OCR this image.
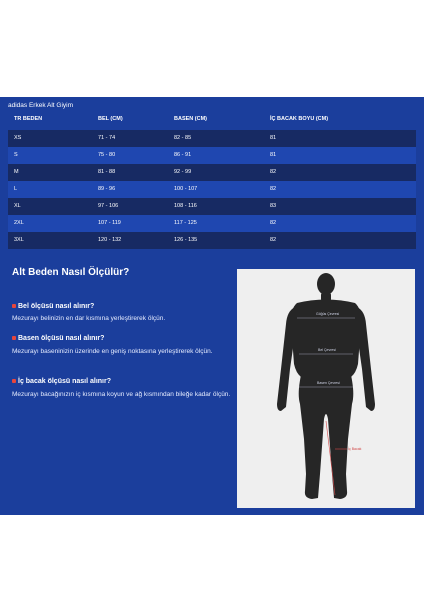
adidas Erkek Alt Giyim
TR BEDEN	BEL (CM)	BASEN (CM)	İÇ BACAK BOYU (CM)
XS	71 - 74	82 - 85	81
S	75 - 80	86 - 91	81
M	81 - 88	92 - 99	82
L	89 - 96	100 - 107	82
XL	97 - 106	108 - 116	83
2XL	107 - 119	117 - 125	82
3XL	120 - 132	126 - 135	82
Alt Beden Nasıl Ölçülür?
Bel ölçüsü nasıl alınır?
Mezurayı belinizin en dar kısmına yerleştirerek ölçün.
Basen ölçüsü nasıl alınır?
Mezurayı baseninizin üzerinde en geniş noktasına yerleştirerek ölçün.
İç bacak ölçüsü nasıl alınır?
Mezurayı bacağınızın iç kısmına koyun ve ağ kısmından bileğe kadar ölçün.
Göğüs Çevresi
Bel Çevresi
Basen Çevresi
İç Bacak
